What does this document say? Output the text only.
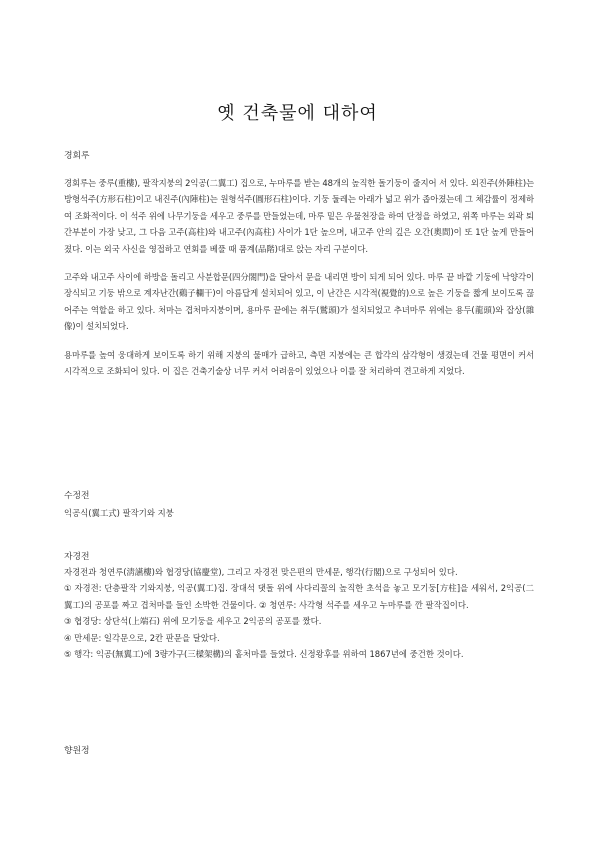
옛 건축물에 대하여

경회루

경회루는 중루(重樓), 팔작지붕의 2익공(二翼工) 집으로, 누마루를 받는 48개의 높직한 돌기둥이 줄지어 서 있다. 외진주(外陣柱)는 방형석주(方形石柱)이고 내진주(內陣柱)는 원형석주(圓形石柱)이다. 기둥 둘레는 아래가 넓고 위가 좁아졌는데 그 체감률이 정제하여 조화적이다. 이 석주 위에 나무기둥을 세우고 중루를 만들었는데, 마루 밑은 우물천장을 하여 단정을 하였고, 위쪽 마루는 외곽 퇴간부분이 가장 낮고, 그 다음 고주(高柱)와 내고주(內高柱) 사이가 1단 높으며, 내고주 안의 깊은 오간(奧間)이 또 1단 높게 만들어졌다. 이는 외국 사신을 영접하고 연회를 베풀 때 품계(品階)대로 앉는 자리 구분이다.

고주와 내고주 사이에 하방을 돌리고 사분합문(四分閤門)을 달아서 문을 내리면 방이 되게 되어 있다. 마루 끝 바깥 기둥에 낙양각이 장식되고 기둥 밖으로 계자난간(鷄子欄干)이 아름답게 설치되어 있고, 이 난간은 시각적(視覺的)으로 높은 기둥을 짧게 보이도록 끊어주는 역할을 하고 있다. 처마는 겹처마지붕이며, 용마루 끝에는 취두(鷲頭)가 설치되었고 추녀마루 위에는 용두(龍頭)와 잡상(雜像)이 설치되었다.

용마루를 높여 웅대하게 보이도록 하기 위해 지붕의 물매가 급하고, 측면 지붕에는 큰 합각의 삼각형이 생겼는데 건물 평면이 커서 시각적으로 조화되어 있다. 이 집은 건축기술상 너무 커서 어려움이 있었으나 이를 잘 처리하여 견고하게 지었다.

수정전

익공식(翼工式) 팔작기와 지붕

자경전

자경전과 청연루(淸讌樓)와 협경당(協慶堂), 그리고 자경전 맞은편의 만세문, 행각(行閣)으로 구성되어 있다.

① 자경전: 단층팔작 기와지붕, 익공(翼工)집. 장대석 댓돌 위에 사다리꼴의 높직한 초석을 놓고 모기둥[方柱]을 세워서, 2익공(二翼工)의 공포를 짜고 겹처마를 들인 소박한 건물이다. ② 청연루: 사각형 석주를 세우고 누마루를 깐 팔작집이다.

③ 협경당: 상단석(上端石) 위에 모기둥을 세우고 2익공의 공포를 짰다.

④ 만세문: 일각문으로, 2칸 판문을 달았다.

⑤ 행각: 익공(無翼工)에 3량가구(三樑架構)의 홑처마를 들였다. 신정왕후를 위하여 1867년에 중건한 것이다.

향원정
